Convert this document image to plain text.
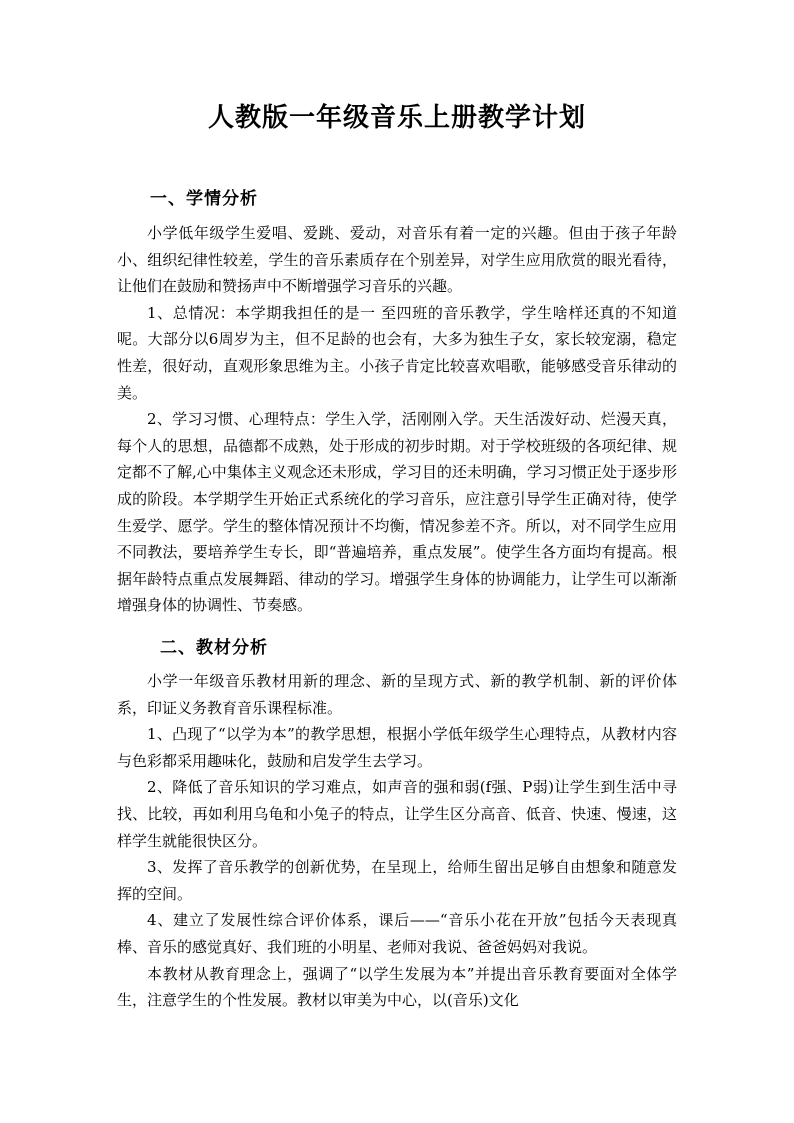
人教版一年级音乐上册教学计划
一、学情分析

小学低年级学生爱唱、爱跳、爱动，对音乐有着一定的兴趣。但由于孩子年龄小、组织纪律性较差，学生的音乐素质存在个别差异，对学生应用欣赏的眼光看待，让他们在鼓励和赞扬声中不断增强学习音乐的兴趣。

1、总情况：本学期我担任的是一 至四班的音乐教学，学生啥样还真的不知道呢。大部分以6周岁为主，但不足龄的也会有，大多为独生子女，家长较宠溺，稳定性差，很好动，直观形象思维为主。小孩子肯定比较喜欢唱歌，能够感受音乐律动的美。

2、学习习惯、心理特点：学生入学，活刚刚入学。天生活泼好动、烂漫天真，每个人的思想，品德都不成熟，处于形成的初步时期。对于学校班级的各项纪律、规定都不了解,心中集体主义观念还未形成，学习目的还未明确，学习习惯正处于逐步形成的阶段。本学期学生开始正式系统化的学习音乐，应注意引导学生正确对待，使学生爱学、愿学。学生的整体情况预计不均衡，情况参差不齐。所以，对不同学生应用不同教法，要培养学生专长，即“普遍培养，重点发展”。使学生各方面均有提高。根据年龄特点重点发展舞蹈、律动的学习。增强学生身体的协调能力，让学生可以渐渐增强身体的协调性、节奏感。

二、教材分析

小学一年级音乐教材用新的理念、新的呈现方式、新的教学机制、新的评价体系，印证义务教育音乐课程标准。

1、凸现了“以学为本”的教学思想，根据小学低年级学生心理特点，从教材内容与色彩都采用趣味化，鼓励和启发学生去学习。

2、降低了音乐知识的学习难点，如声音的强和弱(f强、P弱)让学生到生活中寻找、比较，再如利用乌龟和小兔子的特点，让学生区分高音、低音、快速、慢速，这样学生就能很快区分。

3、发挥了音乐教学的创新优势，在呈现上，给师生留出足够自由想象和随意发挥的空间。

4、建立了发展性综合评价体系，课后——“音乐小花在开放”包括今天表现真棒、音乐的感觉真好、我们班的小明星、老师对我说、爸爸妈妈对我说。

本教材从教育理念上，强调了“以学生发展为本”并提出音乐教育要面对全体学生，注意学生的个性发展。教材以审美为中心，以(音乐)文化
